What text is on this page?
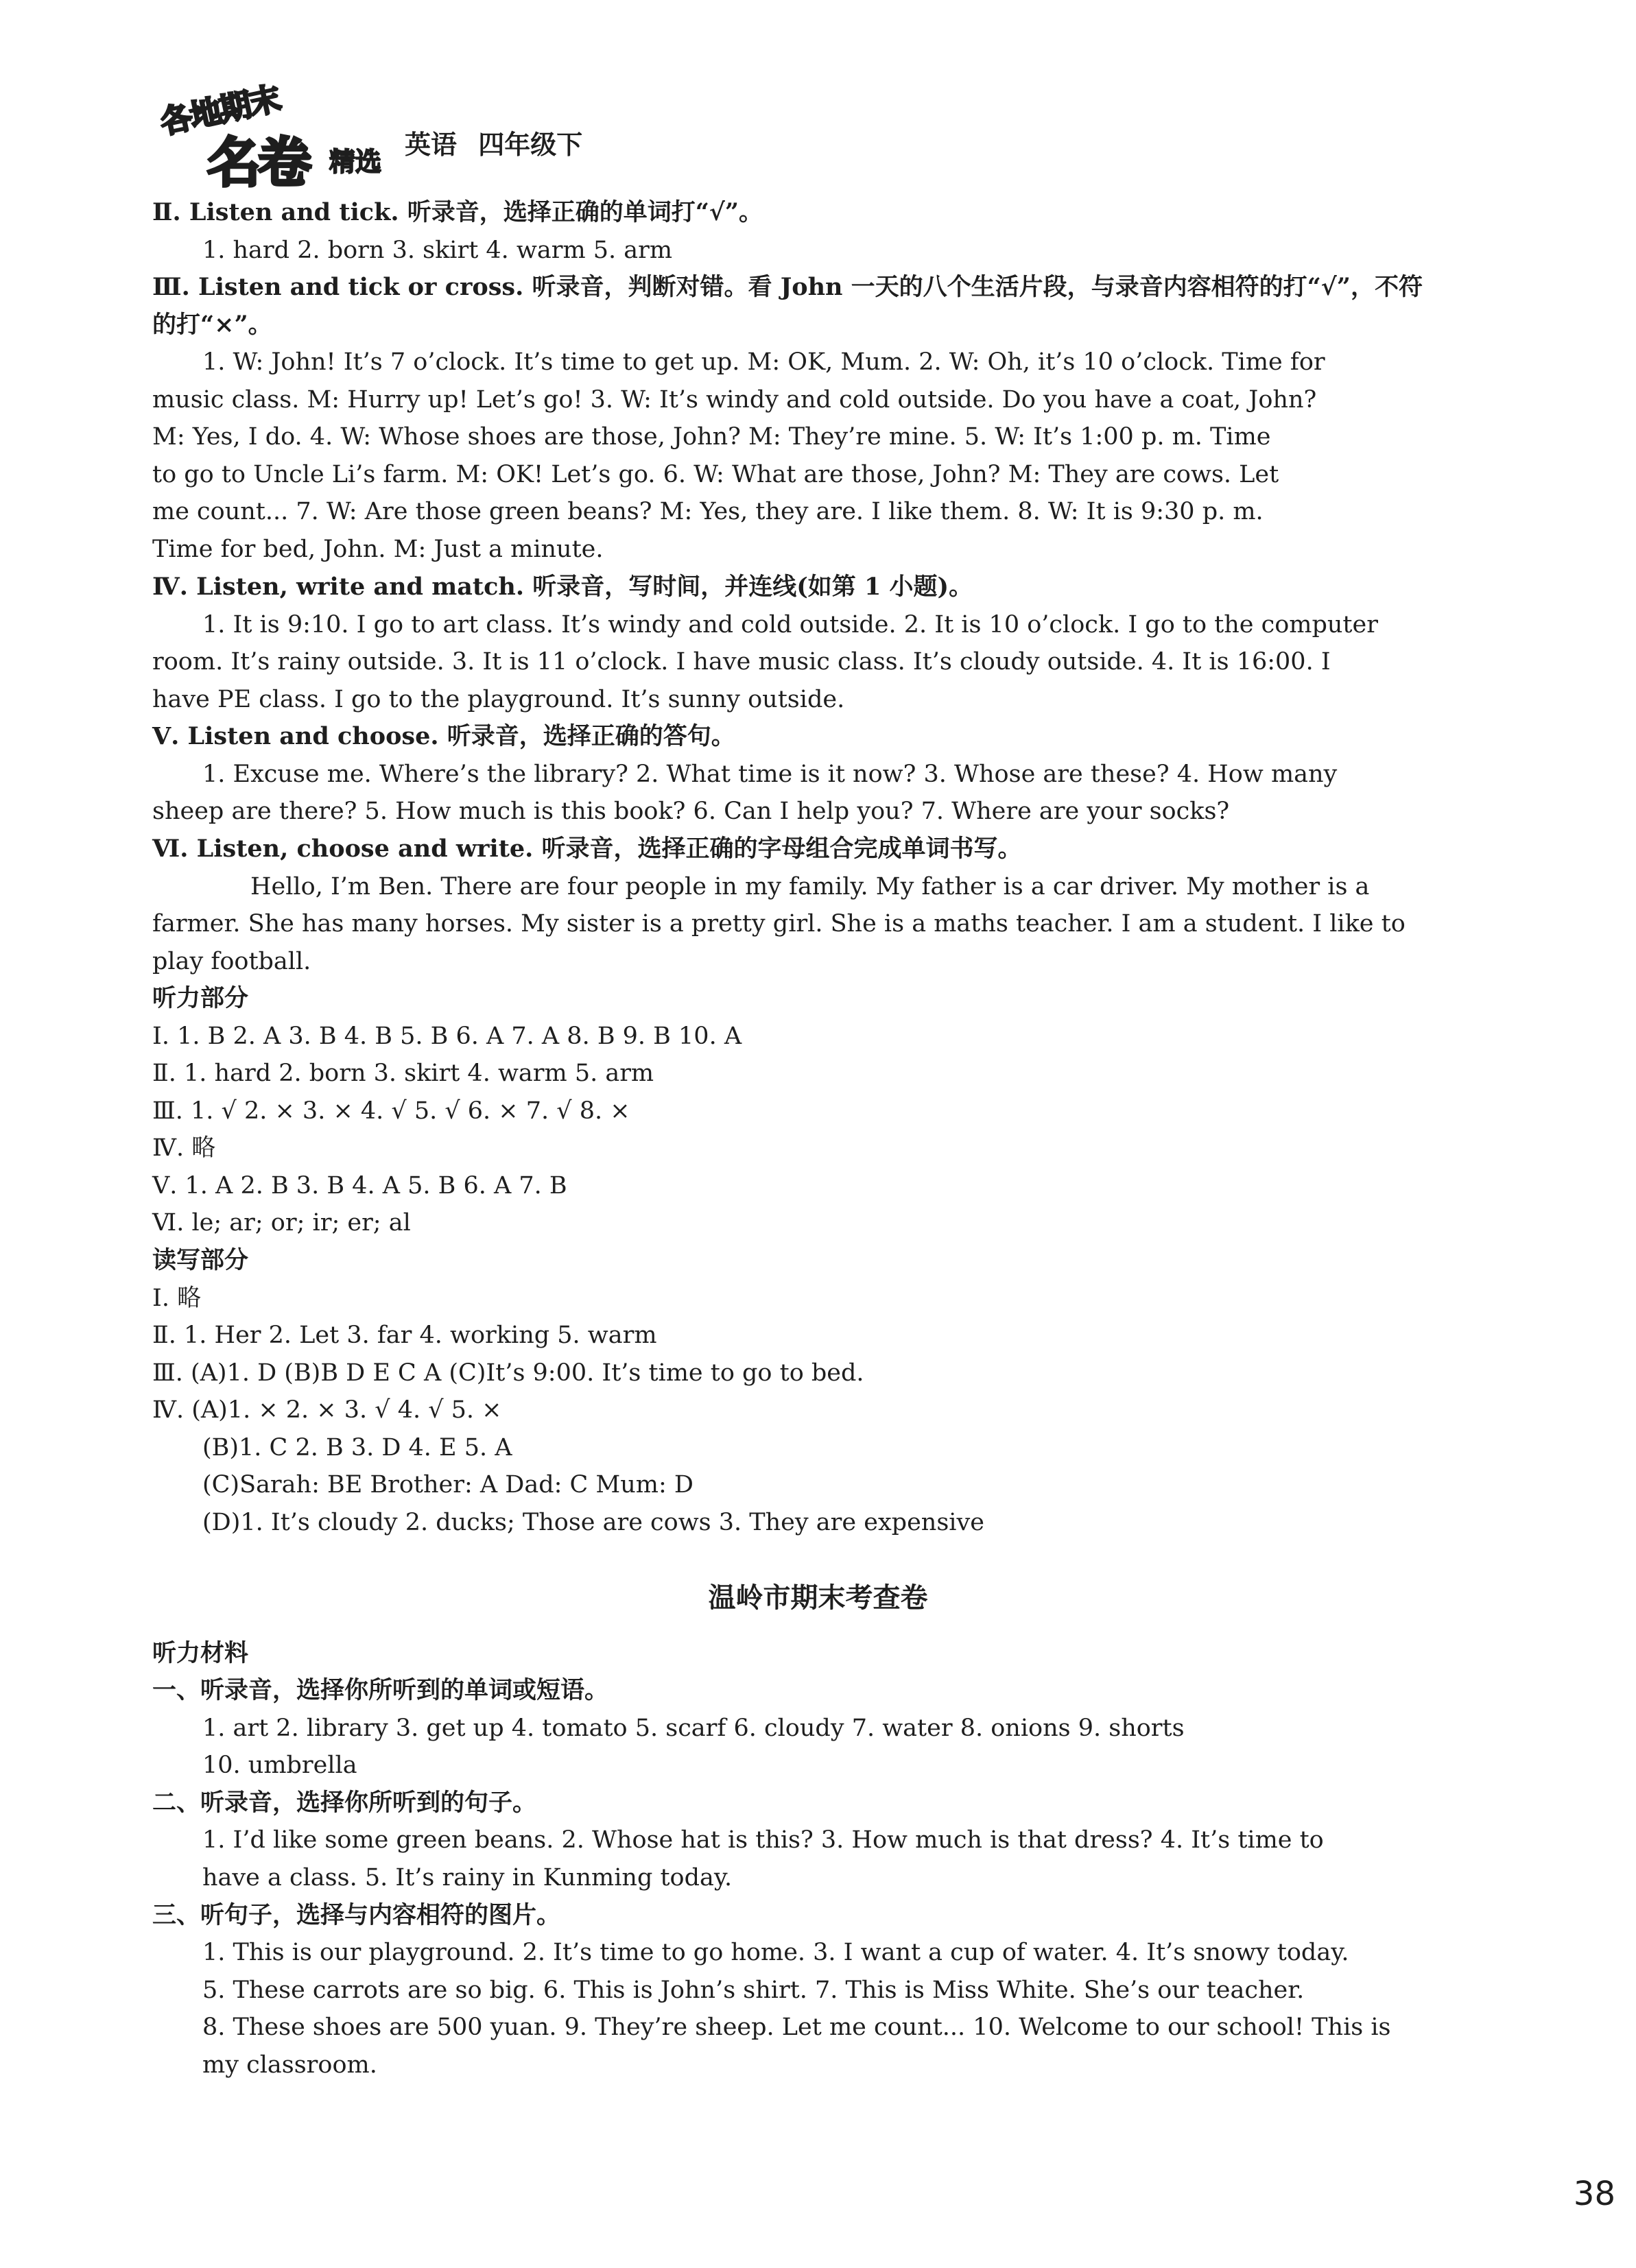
各地期末
名卷 精选
英语 四年级下
Ⅱ. Listen and tick. 听录音，选择正确的单词打“√”。
1. hard 2. born 3. skirt 4. warm 5. arm
Ⅲ. Listen and tick or cross. 听录音，判断对错。看 John 一天的八个生活片段，与录音内容相符的打“√”，不符
的打“×”。
1. W: John! It’s 7 o’clock. It’s time to get up. M: OK, Mum. 2. W: Oh, it’s 10 o’clock. Time for
music class. M: Hurry up! Let’s go! 3. W: It’s windy and cold outside. Do you have a coat, John?
M: Yes, I do. 4. W: Whose shoes are those, John? M: They’re mine. 5. W: It’s 1:00 p. m. Time
to go to Uncle Li’s farm. M: OK! Let’s go. 6. W: What are those, John? M: They are cows. Let
me count... 7. W: Are those green beans? M: Yes, they are. I like them. 8. W: It is 9:30 p. m.
Time for bed, John. M: Just a minute.
Ⅳ. Listen, write and match. 听录音，写时间，并连线(如第 1 小题)。
1. It is 9:10. I go to art class. It’s windy and cold outside. 2. It is 10 o’clock. I go to the computer
room. It’s rainy outside. 3. It is 11 o’clock. I have music class. It’s cloudy outside. 4. It is 16:00. I
have PE class. I go to the playground. It’s sunny outside.
Ⅴ. Listen and choose. 听录音，选择正确的答句。
1. Excuse me. Where’s the library? 2. What time is it now? 3. Whose are these? 4. How many
sheep are there? 5. How much is this book? 6. Can I help you? 7. Where are your socks?
Ⅵ. Listen, choose and write. 听录音，选择正确的字母组合完成单词书写。
Hello, I’m Ben. There are four people in my family. My father is a car driver. My mother is a
farmer. She has many horses. My sister is a pretty girl. She is a maths teacher. I am a student. I like to
play football.
听力部分
Ⅰ. 1. B 2. A 3. B 4. B 5. B 6. A 7. A 8. B 9. B 10. A
Ⅱ. 1. hard 2. born 3. skirt 4. warm 5. arm
Ⅲ. 1. √ 2. × 3. × 4. √ 5. √ 6. × 7. √ 8. ×
Ⅳ. 略
Ⅴ. 1. A 2. B 3. B 4. A 5. B 6. A 7. B
Ⅵ. le; ar; or; ir; er; al
读写部分
Ⅰ. 略
Ⅱ. 1. Her 2. Let 3. far 4. working 5. warm
Ⅲ. (A)1. D (B)B D E C A (C)It’s 9:00. It’s time to go to bed.
Ⅳ. (A)1. × 2. × 3. √ 4. √ 5. ×
(B)1. C 2. B 3. D 4. E 5. A
(C)Sarah: BE Brother: A Dad: C Mum: D
(D)1. It’s cloudy 2. ducks; Those are cows 3. They are expensive
温岭市期末考查卷
听力材料
一、听录音，选择你所听到的单词或短语。
1. art 2. library 3. get up 4. tomato 5. scarf 6. cloudy 7. water 8. onions 9. shorts
10. umbrella
二、听录音，选择你所听到的句子。
1. I’d like some green beans. 2. Whose hat is this? 3. How much is that dress? 4. It’s time to
have a class. 5. It’s rainy in Kunming today.
三、听句子，选择与内容相符的图片。
1. This is our playground. 2. It’s time to go home. 3. I want a cup of water. 4. It’s snowy today.
5. These carrots are so big. 6. This is John’s shirt. 7. This is Miss White. She’s our teacher.
8. These shoes are 500 yuan. 9. They’re sheep. Let me count... 10. Welcome to our school! This is
my classroom.
38
